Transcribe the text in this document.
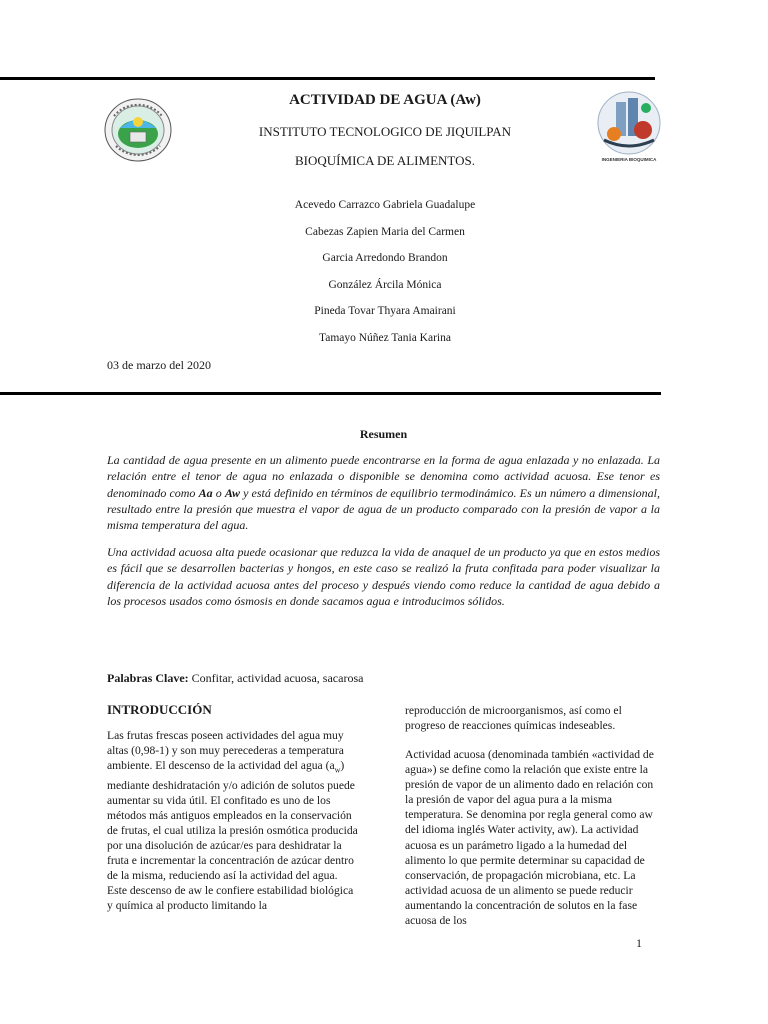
INGENIERIA BIOQUIMICA
ACTIVIDAD DE AGUA (Aw)
INSTITUTO TECNOLOGICO DE JIQUILPAN
BIOQUÍMICA DE ALIMENTOS.
Acevedo Carrazco Gabriela Guadalupe
Cabezas Zapien Maria del Carmen
Garcia Arredondo Brandon
González Árcila Mónica
Pineda Tovar Thyara Amairani
Tamayo Núñez Tania Karina
03 de marzo del 2020
Resumen

La cantidad de agua presente en un alimento puede encontrarse en la forma de agua enlazada y no enlazada. La relación entre el tenor de agua no enlazada o disponible se denomina como actividad acuosa. Ese tenor es denominado como Aa o Aw y está definido en términos de equilibrio termodinámico. Es un número a dimensional, resultado entre la presión que muestra el vapor de agua de un producto comparado con la presión de vapor a la misma temperatura del agua.

Una actividad acuosa alta puede ocasionar que reduzca la vida de anaquel de un producto ya que en estos medios es fácil que se desarrollen bacterias y hongos, en este caso se realizó la fruta confitada para poder visualizar la diferencia de la actividad acuosa antes del proceso y después viendo como reduce la cantidad de agua debido a los procesos usados como ósmosis en donde sacamos agua e introducimos sólidos.

Palabras Clave: Confitar, actividad acuosa, sacarosa
INTRODUCCIÓN

Las frutas frescas poseen actividades del agua muy altas (0,98-1) y son muy perecederas a temperatura ambiente. El descenso de la actividad del agua $(a_w)$ mediante deshidratación y/o adición de solutos puede aumentar su vida útil. El confitado es uno de los métodos más antiguos empleados en la conservación de frutas, el cual utiliza la presión osmótica producida por una disolución de azúcar/es para deshidratar la fruta e incrementar la concentración de azúcar dentro de la misma, reduciendo así la actividad del agua. Este descenso de aw le confiere estabilidad biológica y química al producto limitando la

reproducción de microorganismos, así como el progreso de reacciones químicas indeseables.

Actividad acuosa (denominada también «actividad de agua») se define como la relación que existe entre la presión de vapor de un alimento dado en relación con la presión de vapor del agua pura a la misma temperatura. Se denomina por regla general como aw del idioma inglés Water activity, aw). La actividad acuosa es un parámetro ligado a la humedad del alimento lo que permite determinar su capacidad de conservación, de propagación microbiana, etc. La actividad acuosa de un alimento se puede reducir aumentando la concentración de solutos en la fase acuosa de los

1
